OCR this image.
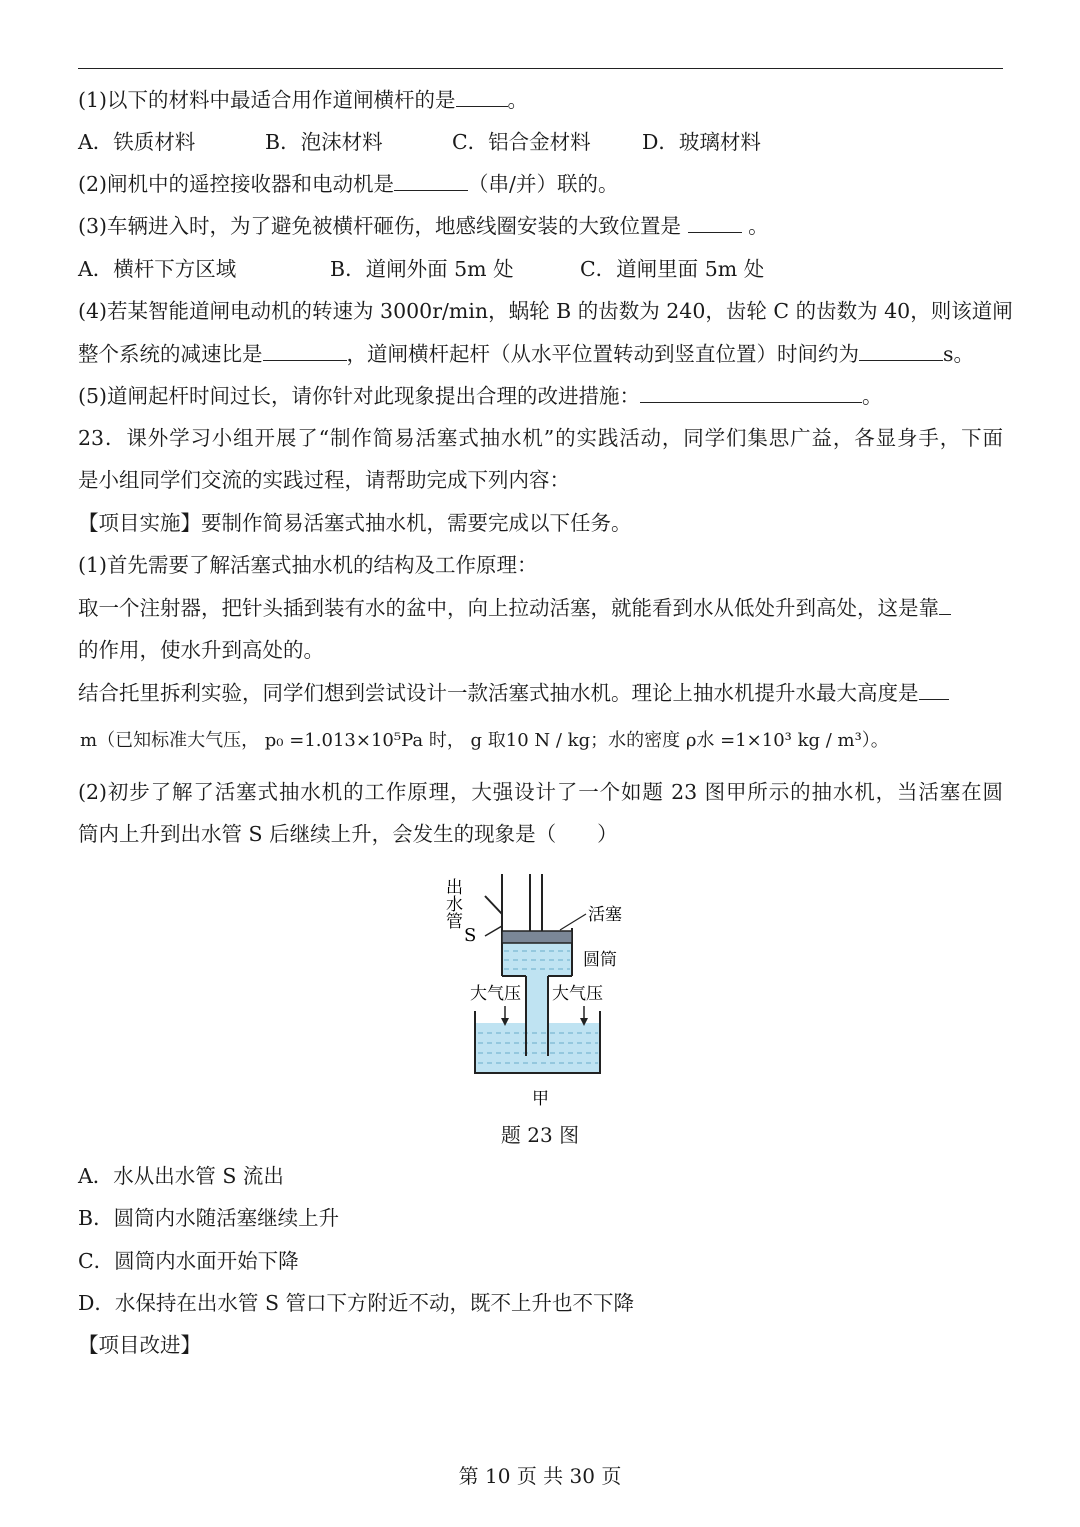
(1)以下的材料中最适合用作道闸横杆的是	。
A．铁质材料	B．泡沫材料	C．铝合金材料	D．玻璃材料
(2)闸机中的遥控接收器和电动机是	（串/并）联的。
(3)车辆进入时，为了避免被横杆砸伤，地感线圈安装的大致位置是	。
A．横杆下方区域	B．道闸外面 5m 处	C．道闸里面 5m 处
(4)若某智能道闸电动机的转速为 3000r/min，蜗轮 B 的齿数为 240，齿轮 C 的齿数为 40，则该道闸
整个系统的减速比是	，道闸横杆起杆（从水平位置转动到竖直位置）时间约为	s。
(5)道闸起杆时间过长，请你针对此现象提出合理的改进措施：	。
23．课外学习小组开展了“制作简易活塞式抽水机”的实践活动，同学们集思广益，各显身手，下面
是小组同学们交流的实践过程，请帮助完成下列内容：
【项目实施】要制作简易活塞式抽水机，需要完成以下任务。
(1)首先需要了解活塞式抽水机的结构及工作原理：
取一个注射器，把针头插到装有水的盆中，向上拉动活塞，就能看到水从低处升到高处，这是靠
的作用，使水升到高处的。
结合托里拆利实验，同学们想到尝试设计一款活塞式抽水机。理论上抽水机提升水最大高度是
m（已知标准大气压， p₀ =1.013×10⁵Pa 时， g 取10 N / kg；水的密度 ρ水 =1×10³ kg / m³）。
(2)初步了解了活塞式抽水机的工作原理，大强设计了一个如题 23 图甲所示的抽水机，当活塞在圆
筒内上升到出水管 S 后继续上升，会发生的现象是（　　）
出水管
S
活塞
圆筒
大气压 大气压
甲
题 23 图
A．水从出水管 S 流出
B．圆筒内水随活塞继续上升
C．圆筒内水面开始下降
D．水保持在出水管 S 管口下方附近不动，既不上升也不下降
【项目改进】
第 10 页 共 30 页
